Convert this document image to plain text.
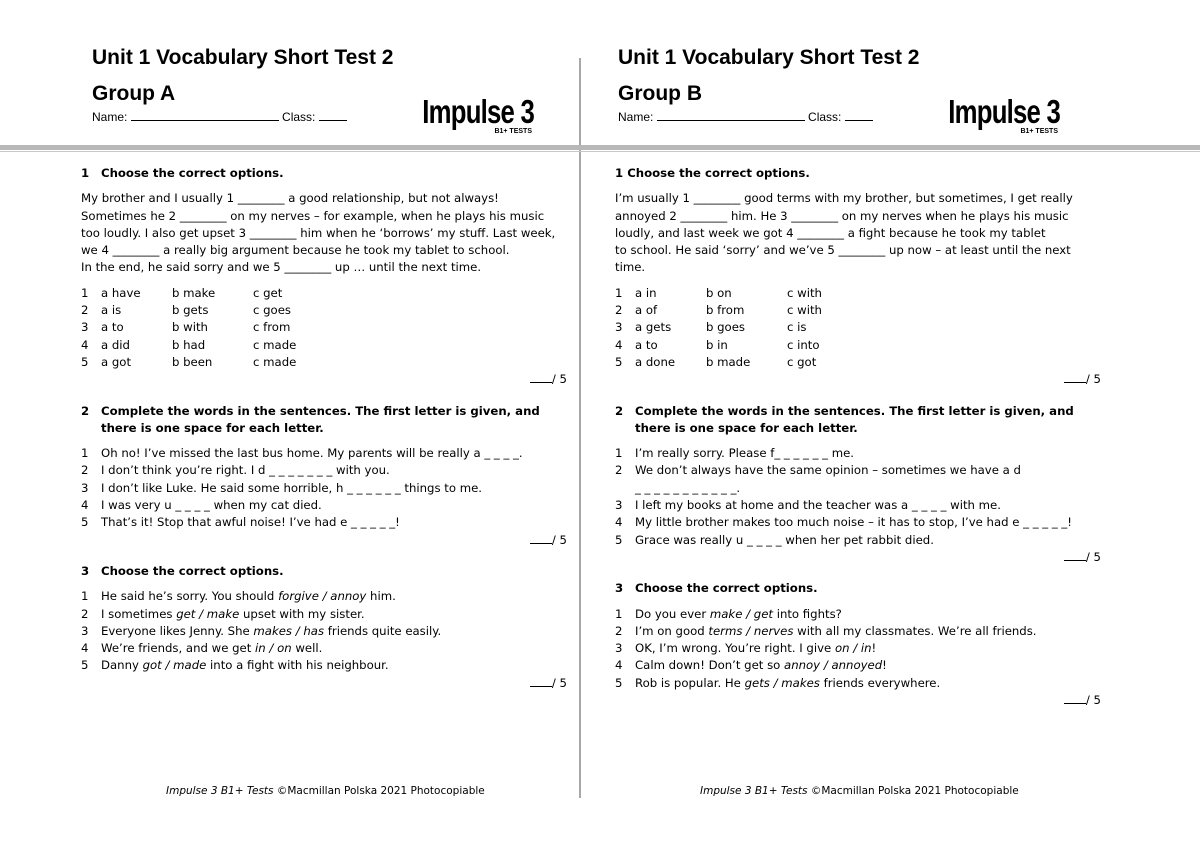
Unit 1 Vocabulary Short Test 2
Group A
Name:	Class:	Impulse 3
B1+ TESTS
1	Choose the correct options.

My brother and I usually 1 ________ a good relationship, but not always!

Sometimes he 2 ________ on my nerves – for example, when he plays his music

too loudly. I also get upset 3 ________ him when he ‘borrows’ my stuff. Last week,

we 4 ________ a really big argument because he took my tablet to school.

In the end, he said sorry and we 5 ________ up … until the next time.

1	a have	b make	c get
2	a is	b gets	c goes
3	a to	b with	c from
4	a did	b had	c made
5	a got	b been	c made
/ 5
2	Complete the words in the sentences. The first letter is given, and there is one space for each letter.
1	Oh no! I’ve missed the last bus home. My parents will be really a _ _ _ _.
2	I don’t think you’re right. I d _ _ _ _ _ _ _ with you.
3	I don’t like Luke. He said some horrible, h _ _ _ _ _ _ things to me.
4	I was very u _ _ _ _ when my cat died.
5	That’s it! Stop that awful noise! I’ve had e _ _ _ _ _!
/ 5
3	Choose the correct options.
1	He said he’s sorry. You should forgive / annoy him.
2	I sometimes get / make upset with my sister.
3	Everyone likes Jenny. She makes / has friends quite easily.
4	We’re friends, and we get in / on well.
5	Danny got / made into a fight with his neighbour.
/ 5
Impulse 3 B1+ Tests ©Macmillan Polska 2021 Photocopiable
Unit 1 Vocabulary Short Test 2
Group B
Name:	Class:	Impulse 3
B1+ TESTS
1
Choose the correct options.

I’m usually 1 ________ good terms with my brother, but sometimes, I get really

annoyed 2 ________ him. He 3 ________ on my nerves when he plays his music

loudly, and last week we got 4 ________ a fight because he took my tablet

to school. He said ‘sorry’ and we’ve 5 ________ up now – at least until the next

time.

1	a in	b on	c with
2	a of	b from	c with
3	a gets	b goes	c is
4	a to	b in	c into
5	a done	b made	c got
/ 5
2	Complete the words in the sentences. The first letter is given, and there is one space for each letter.
1	I’m really sorry. Please f_ _ _ _ _ _ me.
2	We don’t always have the same opinion – sometimes we have a d _ _ _ _ _ _ _ _ _ _ _.
3	I left my books at home and the teacher was a _ _ _ _ with me.
4	My little brother makes too much noise – it has to stop, I’ve had e _ _ _ _ _!
5	Grace was really u _ _ _ _ when her pet rabbit died.
/ 5
3	Choose the correct options.
1	Do you ever make / get into fights?
2	I’m on good terms / nerves with all my classmates. We’re all friends.
3	OK, I’m wrong. You’re right. I give on / in!
4	Calm down! Don’t get so annoy / annoyed!
5	Rob is popular. He gets / makes friends everywhere.
/ 5
Impulse 3 B1+ Tests ©Macmillan Polska 2021 Photocopiable
